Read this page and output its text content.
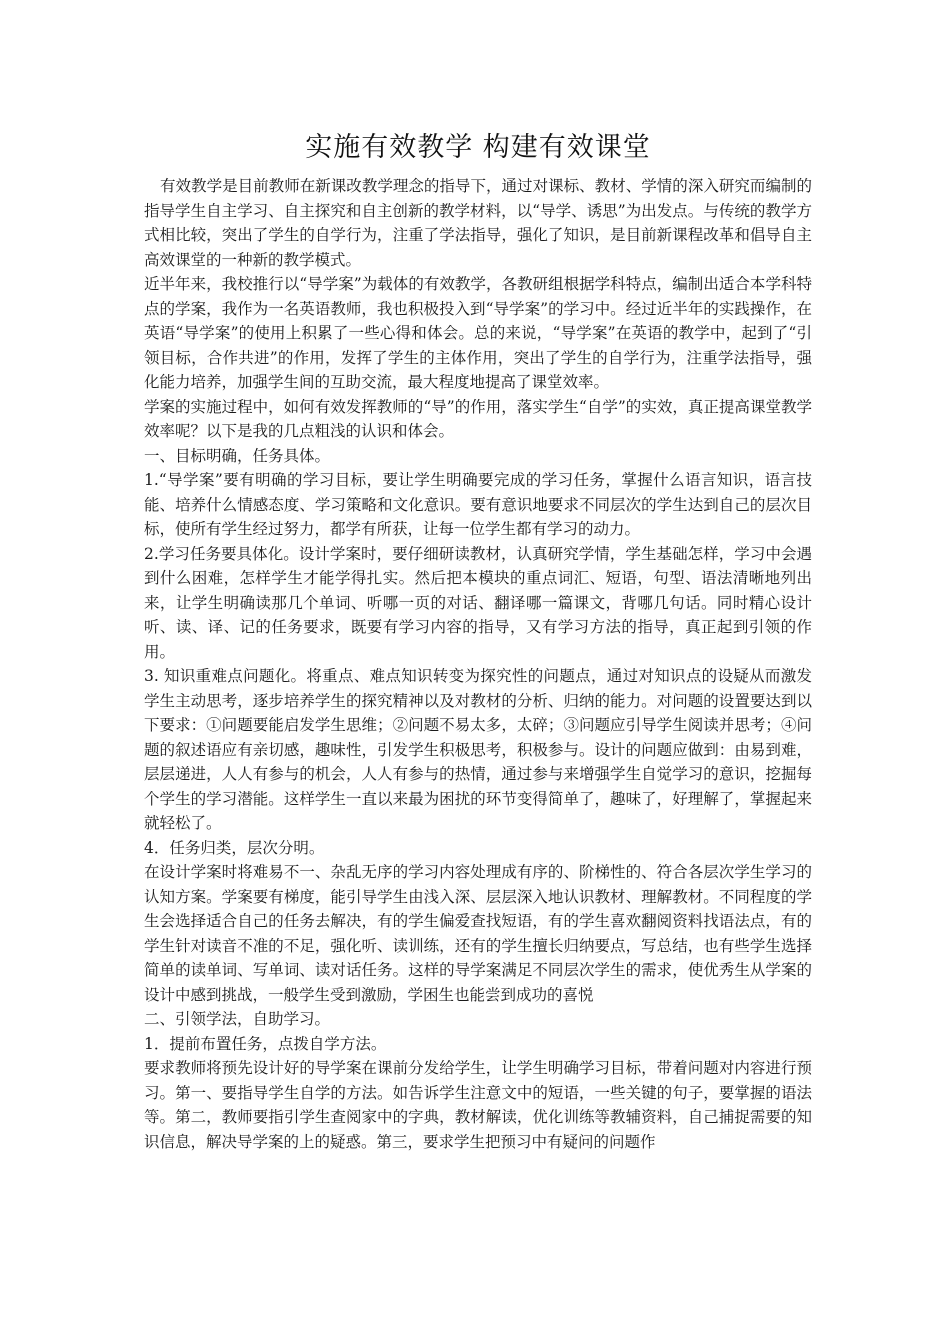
实施有效教学 构建有效课堂

有效教学是目前教师在新课改教学理念的指导下，通过对课标、教材、学情的深入研究而编制的指导学生自主学习、自主探究和自主创新的教学材料，以“导学、诱思”为出发点。与传统的教学方式相比较，突出了学生的自学行为，注重了学法指导，强化了知识，是目前新课程改革和倡导自主高效课堂的一种新的教学模式。

近半年来，我校推行以“导学案”为载体的有效教学，各教研组根据学科特点，编制出适合本学科特点的学案，我作为一名英语教师，我也积极投入到“导学案”的学习中。经过近半年的实践操作，在英语“导学案”的使用上积累了一些心得和体会。总的来说，“导学案”在英语的教学中，起到了“引领目标，合作共进”的作用，发挥了学生的主体作用，突出了学生的自学行为，注重学法指导，强化能力培养，加强学生间的互助交流，最大程度地提高了课堂效率。

学案的实施过程中，如何有效发挥教师的“导”的作用，落实学生“自学”的实效，真正提高课堂教学效率呢？以下是我的几点粗浅的认识和体会。

一、目标明确，任务具体。

1.“导学案”要有明确的学习目标，要让学生明确要完成的学习任务，掌握什么语言知识，语言技能、培养什么情感态度、学习策略和文化意识。要有意识地要求不同层次的学生达到自己的层次目标，使所有学生经过努力，都学有所获，让每一位学生都有学习的动力。

2.学习任务要具体化。设计学案时，要仔细研读教材，认真研究学情，学生基础怎样，学习中会遇到什么困难，怎样学生才能学得扎实。然后把本模块的重点词汇、短语，句型、语法清晰地列出来，让学生明确读那几个单词、听哪一页的对话、翻译哪一篇课文，背哪几句话。同时精心设计听、读、译、记的任务要求，既要有学习内容的指导，又有学习方法的指导，真正起到引领的作用。

3. 知识重难点问题化。将重点、难点知识转变为探究性的问题点，通过对知识点的设疑从而激发学生主动思考，逐步培养学生的探究精神以及对教材的分析、归纳的能力。对问题的设置要达到以下要求：①问题要能启发学生思维；②问题不易太多，太碎；③问题应引导学生阅读并思考；④问题的叙述语应有亲切感，趣味性，引发学生积极思考，积极参与。设计的问题应做到：由易到难，层层递进，人人有参与的机会，人人有参与的热情，通过参与来增强学生自觉学习的意识，挖掘每个学生的学习潜能。这样学生一直以来最为困扰的环节变得简单了，趣味了，好理解了，掌握起来就轻松了。

4．任务归类，层次分明。

在设计学案时将难易不一、杂乱无序的学习内容处理成有序的、阶梯性的、符合各层次学生学习的认知方案。学案要有梯度，能引导学生由浅入深、层层深入地认识教材、理解教材。不同程度的学生会选择适合自己的任务去解决，有的学生偏爱查找短语，有的学生喜欢翻阅资料找语法点，有的学生针对读音不准的不足，强化听、读训练，还有的学生擅长归纳要点，写总结，也有些学生选择简单的读单词、写单词、读对话任务。这样的导学案满足不同层次学生的需求，使优秀生从学案的设计中感到挑战，一般学生受到激励，学困生也能尝到成功的喜悦

二、引领学法，自助学习。

1．提前布置任务，点拨自学方法。

要求教师将预先设计好的导学案在课前分发给学生，让学生明确学习目标，带着问题对内容进行预习。第一、要指导学生自学的方法。如告诉学生注意文中的短语，一些关键的句子，要掌握的语法等。第二，教师要指引学生查阅家中的字典，教材解读，优化训练等教辅资料，自己捕捉需要的知识信息，解决导学案的上的疑惑。第三，要求学生把预习中有疑问的问题作
